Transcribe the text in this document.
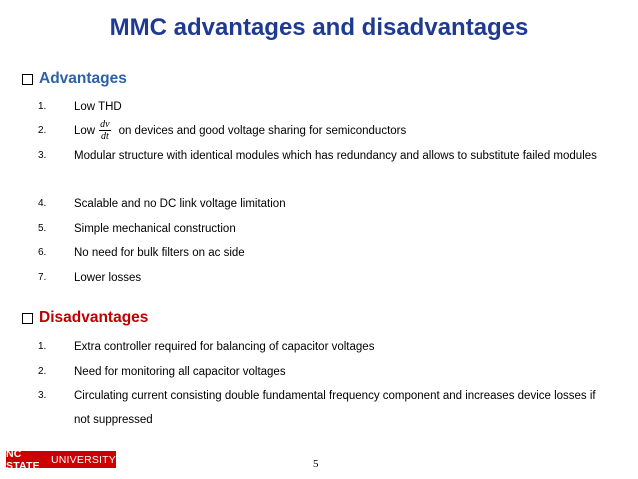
MMC advantages and disadvantages
Advantages
1. Low THD
2. Low $\frac{dv}{dt}$ on devices and good voltage sharing for semiconductors
3. Modular structure with identical modules which has redundancy and allows to substitute failed modules
4. Scalable and no DC link voltage limitation
5. Simple mechanical construction
6. No need for bulk filters on ac side
7. Lower losses
Disadvantages
1. Extra controller required for balancing of capacitor voltages
2. Need for monitoring all capacitor voltages
3. Circulating current consisting double fundamental frequency component and increases device losses if not suppressed
NC STATE	UNIVERSITY	5
